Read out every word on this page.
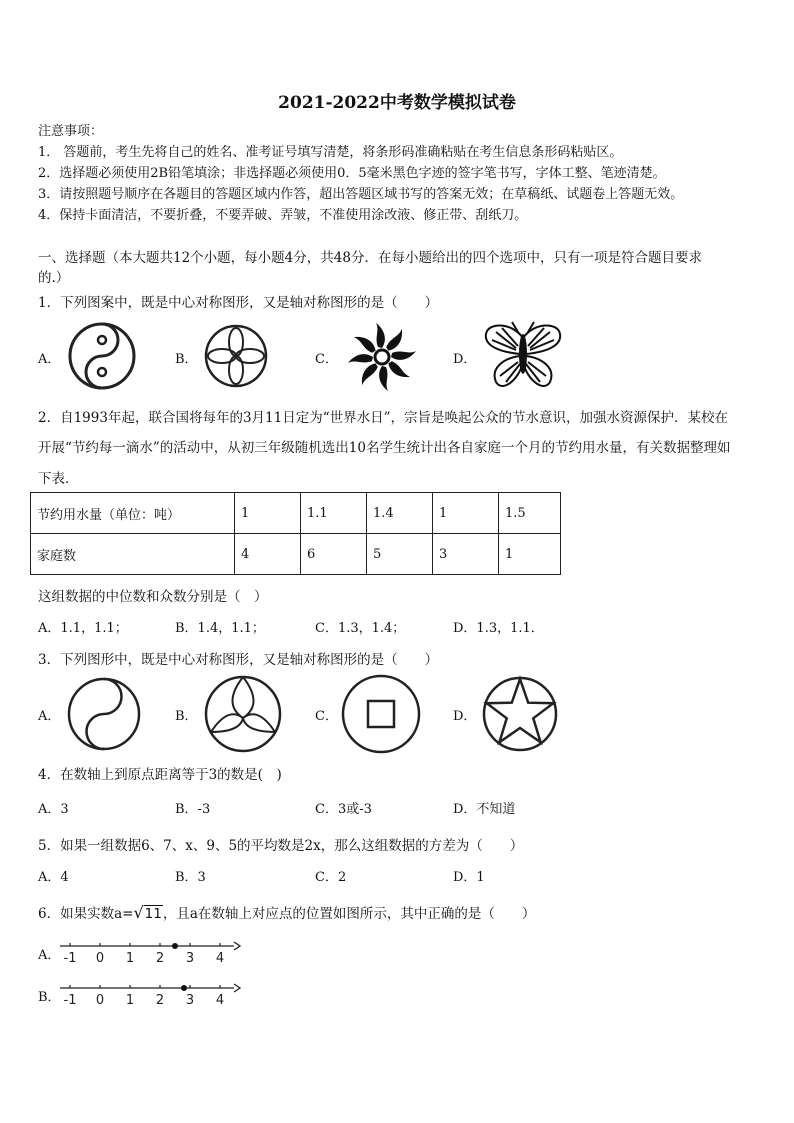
2021-2022中考数学模拟试卷
注意事项：
1． 答题前，考生先将自己的姓名、准考证号填写清楚，将条形码准确粘贴在考生信息条形码粘贴区。
2．选择题必须使用2B铅笔填涂；非选择题必须使用0．5毫米黑色字迹的签字笔书写，字体工整、笔迹清楚。
3．请按照题号顺序在各题目的答题区域内作答，超出答题区域书写的答案无效；在草稿纸、试题卷上答题无效。
4．保持卡面清洁，不要折叠，不要弄破、弄皱，不准使用涂改液、修正带、刮纸刀。
一、选择题（本大题共12个小题，每小题4分，共48分．在每小题给出的四个选项中，只有一项是符合题目要求
的.）
1．下列图案中，既是中心对称图形，又是轴对称图形的是（　　）
A．	B．	C．	D．
2．自1993年起，联合国将每年的3月11日定为“世界水日”，宗旨是唤起公众的节水意识，加强水资源保护．某校在
开展“节约每一滴水”的活动中，从初三年级随机选出10名学生统计出各自家庭一个月的节约用水量，有关数据整理如
下表．
节约用水量（单位：吨）	1	1.1	1.4	1	1.5
家庭数	4	6	5	3	1
这组数据的中位数和众数分别是（　）
A．1.1，1.1；	B．1.4，1.1；	C．1.3，1.4；	D．1.3，1.1．
3．下列图形中，既是中心对称图形，又是轴对称图形的是（　　）
A．	B．	C．	D．
4．在数轴上到原点距离等于3的数是(　)
A．3	B．-3	C．3或-3	D．不知道
5．如果一组数据6、7、x、9、5的平均数是2x，那么这组数据的方差为（　　）
A．4	B．3	C．2	D．1
6．如果实数a=√11，且a在数轴上对应点的位置如图所示，其中正确的是（　　）
A． -1 0 1 2 3 4
B． -1 0 1 2 3 4
